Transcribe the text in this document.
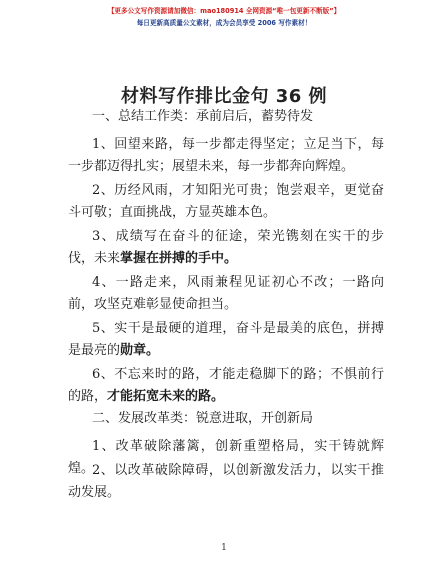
【更多公文写作资源请加微信：mao180914 全网资源“唯一包更新不断版”】
每日更新高质量公文素材，成为会员享受 2006 写作素材！
材料写作排比金句 36 例

一、总结工作类：承前启后，蓄势待发

1、回望来路，每一步都走得坚定；立足当下，每一步都迈得扎实；展望未来，每一步都奔向辉煌。

2、历经风雨，才知阳光可贵；饱尝艰辛，更觉奋斗可敬；直面挑战，方显英雄本色。

3、成绩写在奋斗的征途，荣光镌刻在实干的步伐，未来掌握在拼搏的手中。

4、一路走来，风雨兼程见证初心不改；一路向前，攻坚克难彰显使命担当。

5、实干是最硬的道理，奋斗是最美的底色，拼搏是最亮的勋章。

6、不忘来时的路，才能走稳脚下的路；不惧前行的路，才能拓宽未来的路。

二、发展改革类：锐意进取，开创新局

1、改革破除藩篱，创新重塑格局，实干铸就辉煌。

2、以改革破除障碍，以创新激发活力，以实干推动发展。

1
